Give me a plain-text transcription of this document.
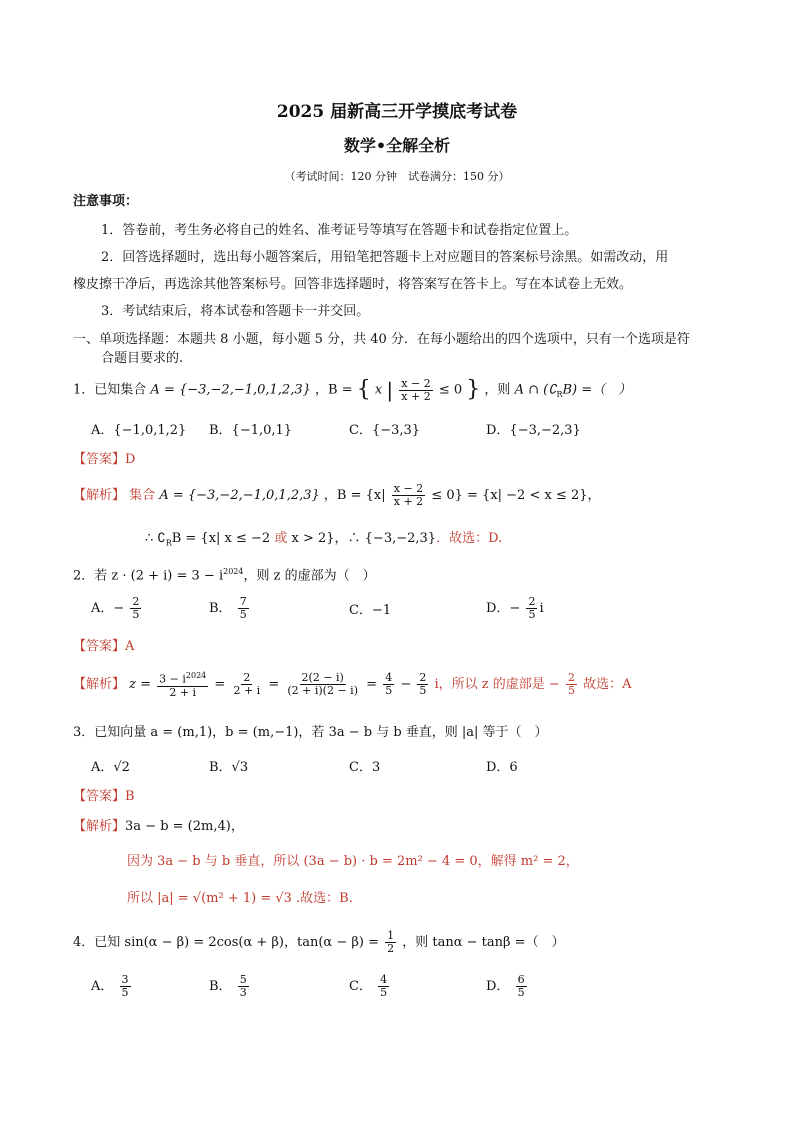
2025 届新高三开学摸底考试卷
数学•全解全析
（考试时间：120 分钟　试卷满分：150 分）
注意事项：
1．答卷前，考生务必将自己的姓名、准考证号等填写在答题卡和试卷指定位置上。
2．回答选择题时，选出每小题答案后，用铅笔把答题卡上对应题目的答案标号涂黑。如需改动，用
橡皮擦干净后，再选涂其他答案标号。回答非选择题时，将答案写在答卡上。写在本试卷上无效。
3．考试结束后，将本试卷和答题卡一并交回。
一、单项选择题：本题共 8 小题，每小题 5 分，共 40 分．在每小题给出的四个选项中，只有一个选项是符
合题目要求的.
1．已知集合 A = {−3,−2,−1,0,1,2,3} ，B = { x | $\frac{x - 2}{x + 2} \le 0$ } ，则 A ∩ $(∁_RB)$ =（　）
A．{−1,0,1,2} B．{−1,0,1}	C．{−3,3}	D．{−3,−2,3}
【答案】D
【解析】 集合 A = {−3,−2,−1,0,1,2,3} ，$B = \{x| \frac{x - 2}{x + 2} \le 0\} = \{x| -2 < x \le 2\}$，
∴ $∁_RB = \{x|$ x ≤ −2 或 x > 2}，∴ {−3,−2,3}．故选：D.
2．若 $z \cdot (2 + i) = 3 - i^{2024}$，则 z 的虚部为（　）
A．− $\frac{2}{5}$	B． $\frac{7}{5}$	C．−1	D．− $\frac{2}{5}$ i
【答案】A
【解析】 $z = \frac{3 - i^{2024}}{2 + i} = \frac{2}{2 + i} = \frac{2(2 - i)}{(2 + i)(2 - i)} = \frac{4}{5} - \frac{2}{5}$ i，所以 z 的虚部是 − $\frac{2}{5}$ 故选：A
3．已知向量 a = (m,1)，b = (m,−1)，若 3a − b 与 b 垂直，则 |a| 等于（　）
A．√2	B．√3	C．3	D．6
【答案】B
【解析】3a − b = (2m,4)，
因为 3a − b 与 b 垂直，所以 (3a − b) · b = 2m² − 4 = 0，解得 m² = 2，
所以 |a| = √(m² + 1) = √3 .故选：B.
4．已知 sin(α − β) = 2cos(α + β)，$\tan(\alpha - \beta) = \frac{1}{2}$ ，则 tanα − tanβ =（　）
A． $\frac{3}{5}$	B． $\frac{5}{3}$	C． $\frac{4}{5}$	D． $\frac{6}{5}$
